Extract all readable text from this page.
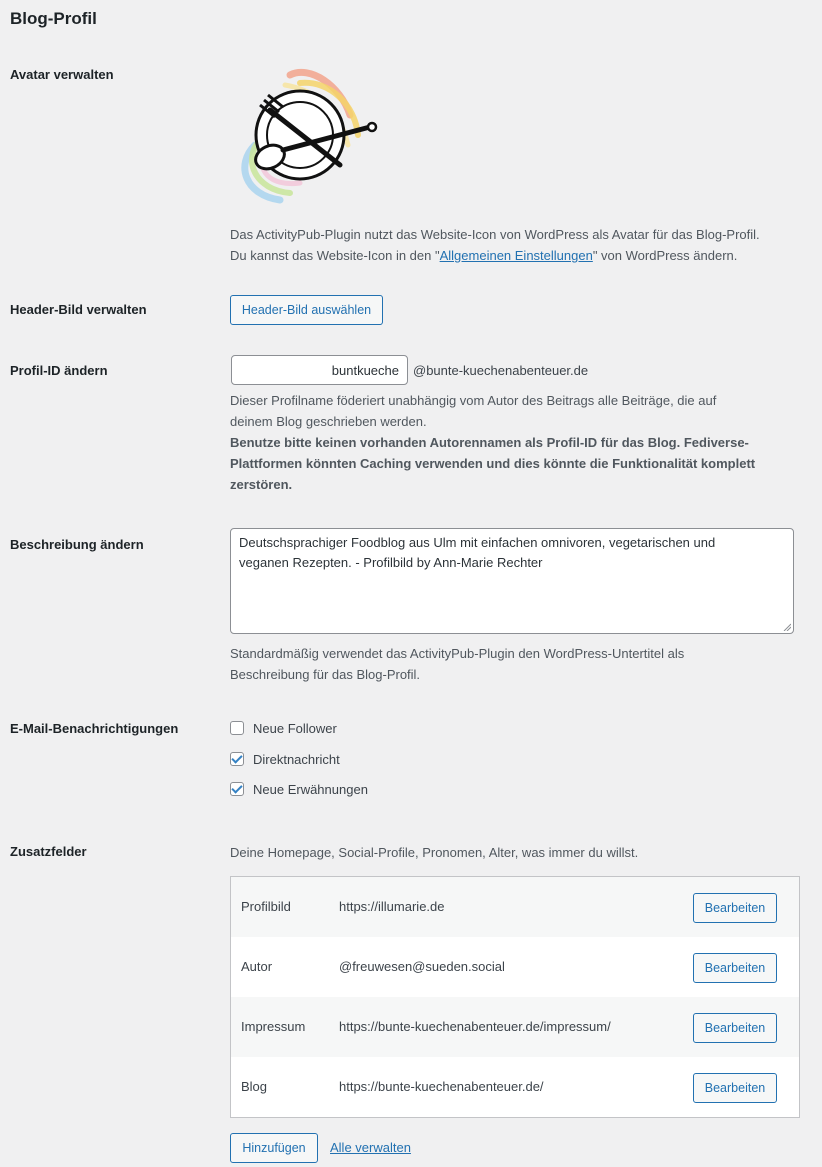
Blog-Profil
Avatar verwalten
Das ActivityPub-Plugin nutzt das Website-Icon von WordPress als Avatar für das Blog-Profil.
Du kannst das Website-Icon in den "Allgemeinen Einstellungen" von WordPress ändern.
Header-Bild verwalten	Header-Bild auswählen
Profil-ID ändern
buntkueche	@bunte-kuechenabenteuer.de
Dieser Profilname föderiert unabhängig vom Autor des Beitrags alle Beiträge, die auf
deinem Blog geschrieben werden.
Benutze bitte keinen vorhanden Autorennamen als Profil-ID für das Blog. Fediverse-
Plattformen könnten Caching verwenden und dies könnte die Funktionalität komplett
zerstören.
Beschreibung ändern	Deutschsprachiger Foodblog aus Ulm mit einfachen omnivoren, vegetarischen und
veganen Rezepten. - Profilbild by Ann-Marie Rechter
Standardmäßig verwendet das ActivityPub-Plugin den WordPress-Untertitel als
Beschreibung für das Blog-Profil.
E-Mail-Benachrichtigungen	Neue Follower
Direktnachricht
Neue Erwähnungen
Zusatzfelder	Deine Homepage, Social-Profile, Pronomen, Alter, was immer du willst.
Profilbild	https://illumarie.de	Bearbeiten
Autor	@freuwesen@sueden.social	Bearbeiten
Impressum	https://bunte-kuechenabenteuer.de/impressum/	Bearbeiten
Blog	https://bunte-kuechenabenteuer.de/	Bearbeiten
Hinzufügen	Alle verwalten
